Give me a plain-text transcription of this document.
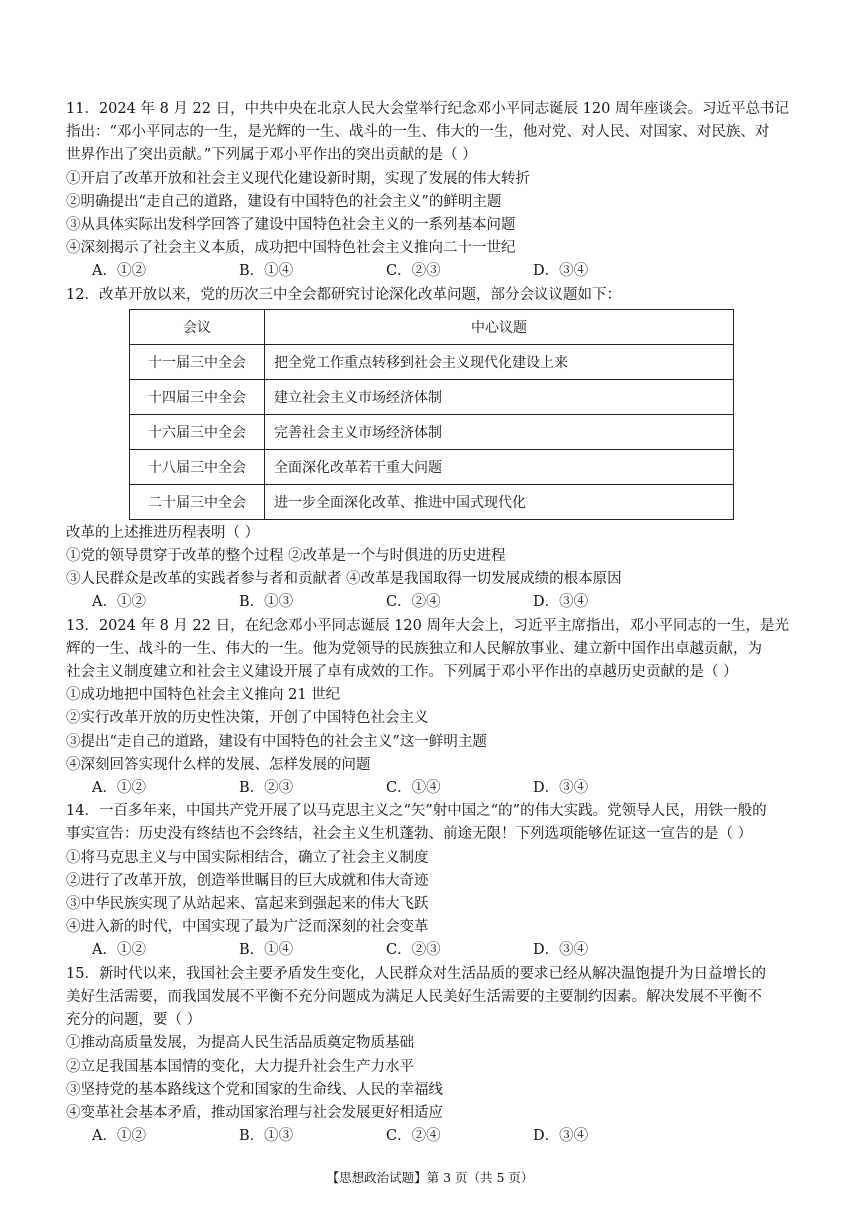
11．2024 年 8 月 22 日，中共中央在北京人民大会堂举行纪念邓小平同志诞辰 120 周年座谈会。习近平总书记
指出：“邓小平同志的一生，是光辉的一生、战斗的一生、伟大的一生，他对党、对人民、对国家、对民族、对
世界作出了突出贡献。”下列属于邓小平作出的突出贡献的是（ ）
①开启了改革开放和社会主义现代化建设新时期，实现了发展的伟大转折
②明确提出“走自己的道路，建设有中国特色的社会主义”的鲜明主题
③从具体实际出发科学回答了建设中国特色社会主义的一系列基本问题
④深刻揭示了社会主义本质，成功把中国特色社会主义推向二十一世纪
A．①②	B．①④	C．②③	D．③④
12．改革开放以来，党的历次三中全会都研究讨论深化改革问题，部分会议议题如下：
会议	中心议题
十一届三中全会	把全党工作重点转移到社会主义现代化建设上来
十四届三中全会	建立社会主义市场经济体制
十六届三中全会	完善社会主义市场经济体制
十八届三中全会	全面深化改革若干重大问题
二十届三中全会	进一步全面深化改革、推进中国式现代化
改革的上述推进历程表明（ ）
①党的领导贯穿于改革的整个过程 ②改革是一个与时俱进的历史进程
③人民群众是改革的实践者参与者和贡献者 ④改革是我国取得一切发展成绩的根本原因
A．①②	B．①③	C．②④	D．③④
13．2024 年 8 月 22 日，在纪念邓小平同志诞辰 120 周年大会上，习近平主席指出，邓小平同志的一生，是光
辉的一生、战斗的一生、伟大的一生。他为党领导的民族独立和人民解放事业、建立新中国作出卓越贡献，为
社会主义制度建立和社会主义建设开展了卓有成效的工作。下列属于邓小平作出的卓越历史贡献的是（ ）
①成功地把中国特色社会主义推向 21 世纪
②实行改革开放的历史性决策，开创了中国特色社会主义
③提出“走自己的道路，建设有中国特色的社会主义”这一鲜明主题
④深刻回答实现什么样的发展、怎样发展的问题
A．①②	B．②③	C．①④	D．③④
14．一百多年来，中国共产党开展了以马克思主义之“矢”射中国之“的”的伟大实践。党领导人民，用铁一般的
事实宣告：历史没有终结也不会终结，社会主义生机蓬勃、前途无限！下列选项能够佐证这一宣告的是（ ）
①将马克思主义与中国实际相结合，确立了社会主义制度
②进行了改革开放，创造举世瞩目的巨大成就和伟大奇迹
③中华民族实现了从站起来、富起来到强起来的伟大飞跃
④进入新的时代，中国实现了最为广泛而深刻的社会变革
A．①②	B．①④	C．②③	D．③④
15．新时代以来，我国社会主要矛盾发生变化，人民群众对生活品质的要求已经从解决温饱提升为日益增长的
美好生活需要，而我国发展不平衡不充分问题成为满足人民美好生活需要的主要制约因素。解决发展不平衡不
充分的问题，要（ ）
①推动高质量发展，为提高人民生活品质奠定物质基础
②立足我国基本国情的变化，大力提升社会生产力水平
③坚持党的基本路线这个党和国家的生命线、人民的幸福线
④变革社会基本矛盾，推动国家治理与社会发展更好相适应
A．①②	B．①③	C．②④	D．③④
【思想政治试题】第 3 页（共 5 页）
